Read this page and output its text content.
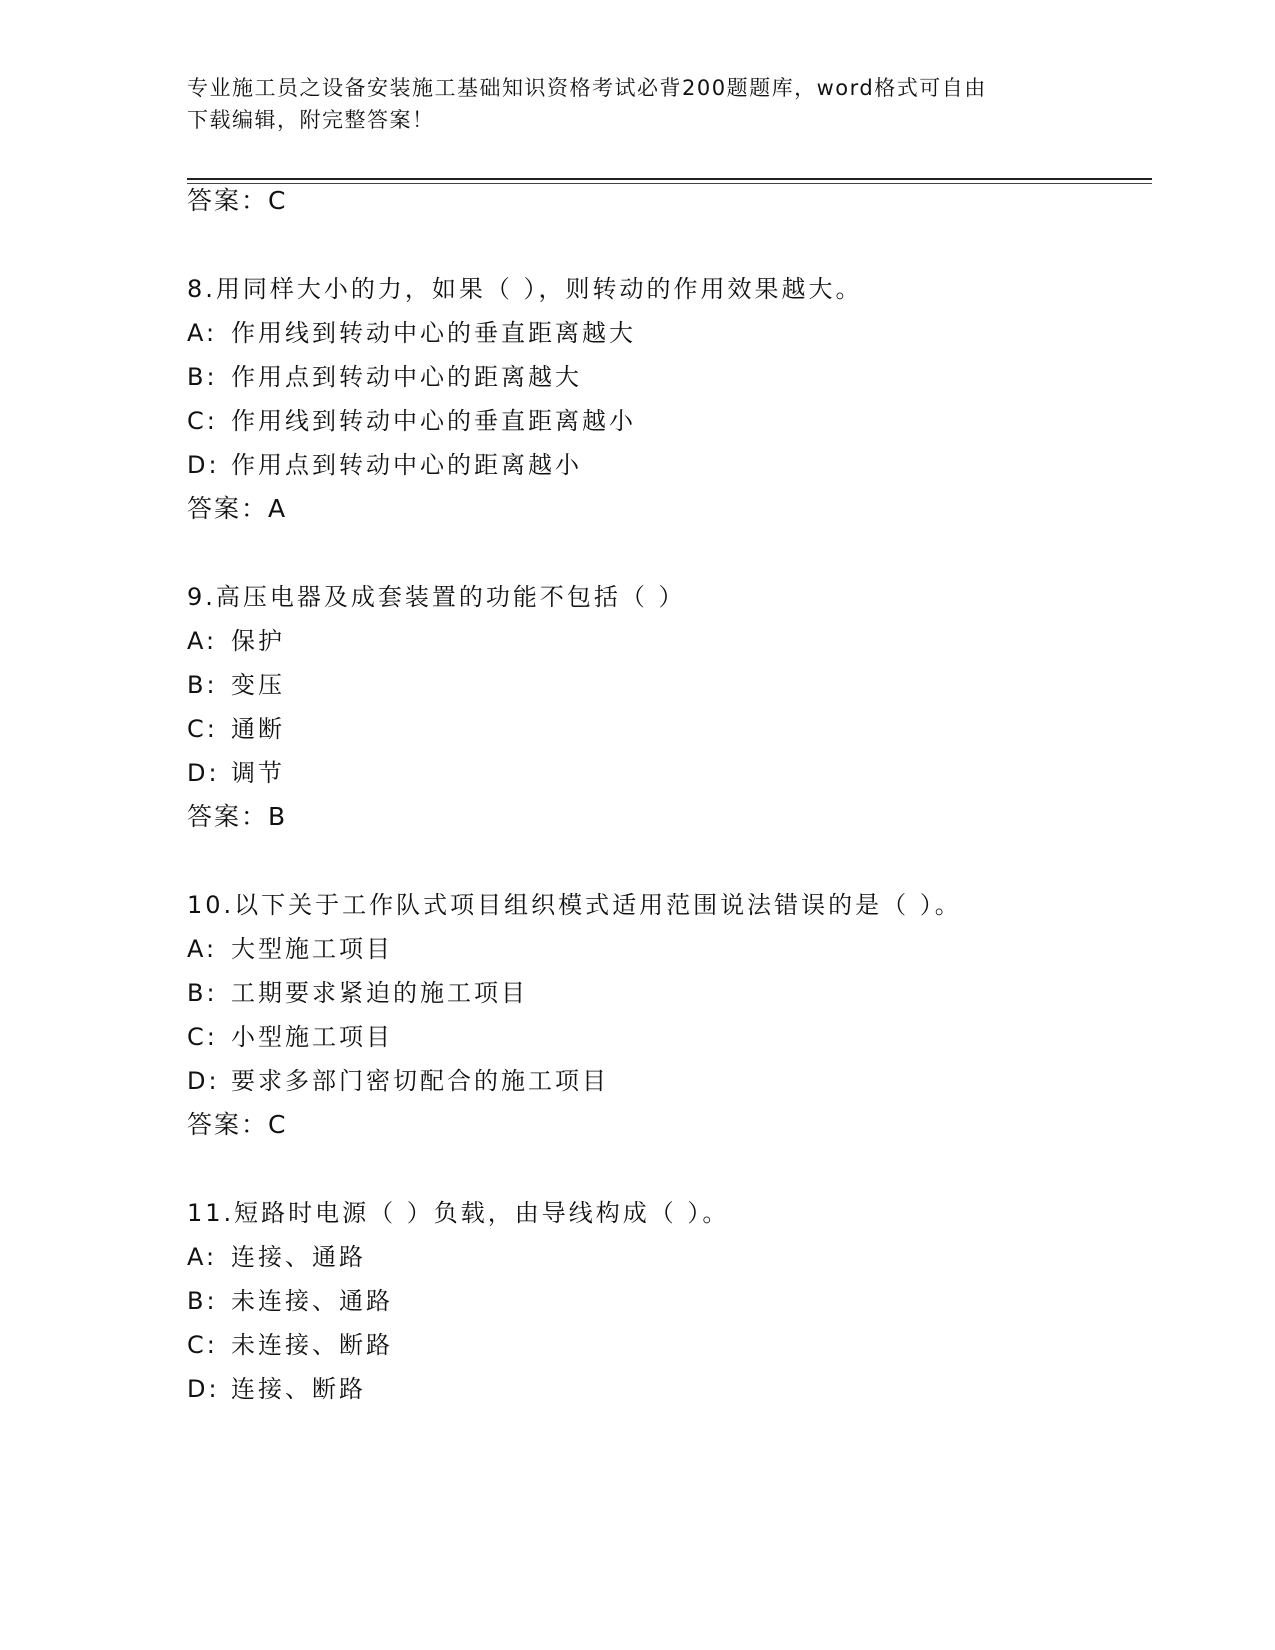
专业施工员之设备安装施工基础知识资格考试必背200题题库，word格式可自由
下载编辑，附完整答案！
答案：C
8.用同样大小的力，如果（ ），则转动的作用效果越大。
A: 作用线到转动中心的垂直距离越大
B: 作用点到转动中心的距离越大
C: 作用线到转动中心的垂直距离越小
D: 作用点到转动中心的距离越小
答案：A
9.高压电器及成套装置的功能不包括（ ）
A: 保护
B: 变压
C: 通断
D: 调节
答案：B
10.以下关于工作队式项目组织模式适用范围说法错误的是（ ）。
A: 大型施工项目
B: 工期要求紧迫的施工项目
C: 小型施工项目
D: 要求多部门密切配合的施工项目
答案：C
11.短路时电源（ ）负载，由导线构成（ ）。
A: 连接、通路
B: 未连接、通路
C: 未连接、断路
D: 连接、断路
